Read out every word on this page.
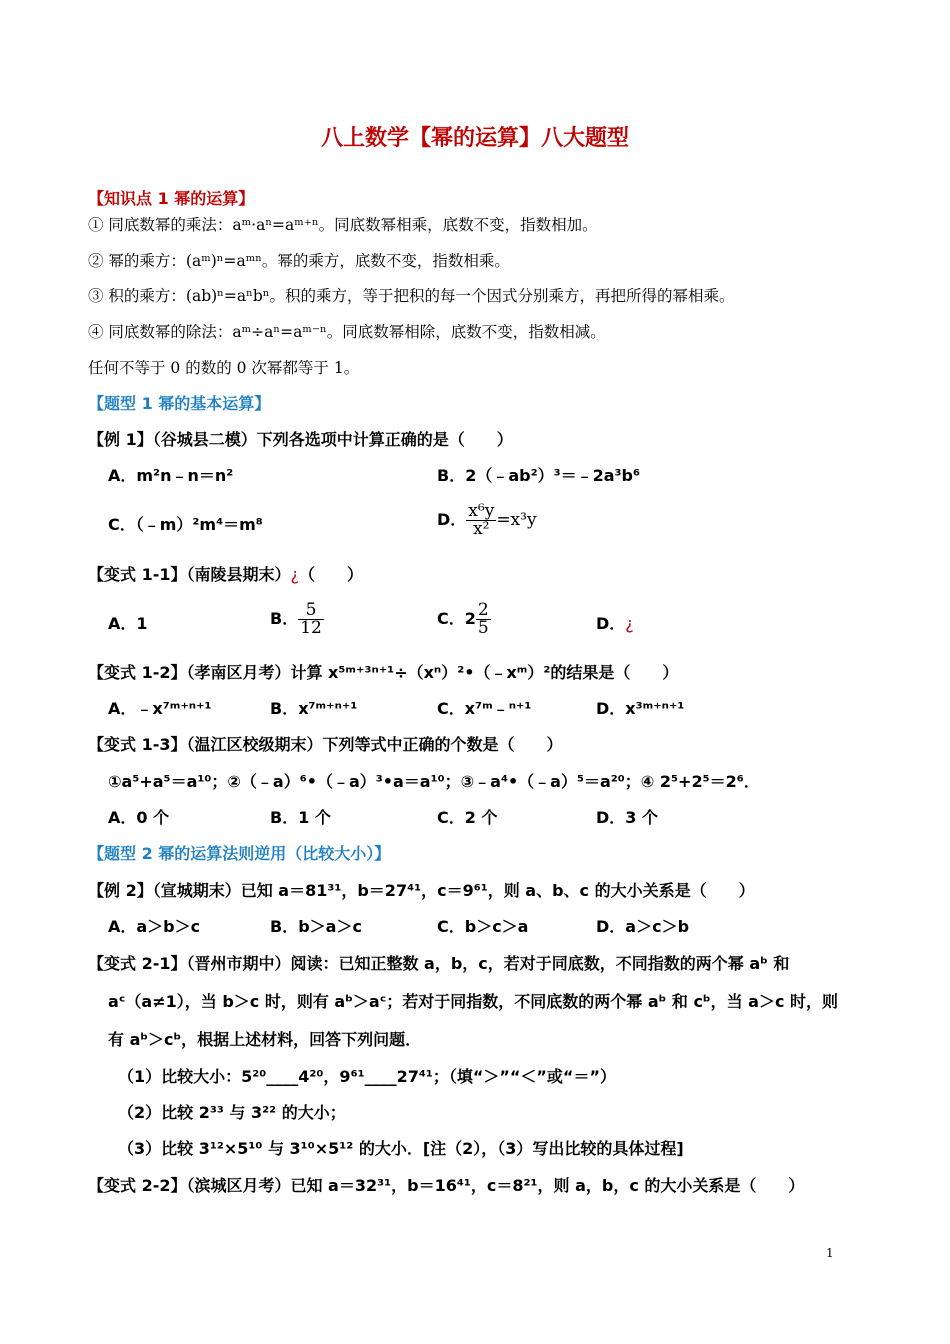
八上数学【幂的运算】八大题型
【知识点 1 幂的运算】
① 同底数幂的乘法：aᵐ·aⁿ=aᵐ⁺ⁿ。同底数幂相乘，底数不变，指数相加。
② 幂的乘方：(aᵐ)ⁿ=aᵐⁿ。幂的乘方，底数不变，指数相乘。
③ 积的乘方：(ab)ⁿ=aⁿbⁿ。积的乘方，等于把积的每一个因式分别乘方，再把所得的幂相乘。
④ 同底数幂的除法：aᵐ÷aⁿ=aᵐ⁻ⁿ。同底数幂相除，底数不变，指数相减。
任何不等于 0 的数的 0 次幂都等于 1。
【题型 1 幂的基本运算】
【例 1】（谷城县二模）下列各选项中计算正确的是（　　）
A．m²n﹣n＝n²	B．2（﹣ab²）³＝﹣2a³b⁶
C．（﹣m）²m⁴＝m⁸	D． $\frac{\text{x⁶y}}{\text{x²}} =x^3y$
【变式 1-1】（南陵县期末）¿（　　）
A．1	B． $\frac{5}{12}$	C．$2 \frac{2}{5}$	D．¿
【变式 1-2】（孝南区月考）计算 x⁵ᵐ⁺³ⁿ⁺¹÷（xⁿ）²•（﹣xᵐ）²的结果是（　　）
A．﹣x⁷ᵐ⁺ⁿ⁺¹	B．x⁷ᵐ⁺ⁿ⁺¹	C．x⁷ᵐ﹣ⁿ⁺¹	D．x³ᵐ⁺ⁿ⁺¹
【变式 1-3】（温江区校级期末）下列等式中正确的个数是（　　）
①a⁵+a⁵＝a¹⁰；②（﹣a）⁶•（﹣a）³•a＝a¹⁰；③﹣a⁴•（﹣a）⁵＝a²⁰；④ 2⁵+2⁵＝2⁶．
A．0 个	B．1 个	C．2 个	D．3 个
【题型 2 幂的运算法则逆用（比较大小）】
【例 2】（宣城期末）已知 a＝81³¹，b＝27⁴¹，c＝9⁶¹，则 a、b、c 的大小关系是（　　）
A．a＞b＞c	B．b＞a＞c	C．b＞c＞a	D．a＞c＞b
【变式 2-1】（晋州市期中）阅读：已知正整数 a，b，c，若对于同底数，不同指数的两个幂 aᵇ 和
aᶜ（a≠1），当 b＞c 时，则有 aᵇ＞aᶜ；若对于同指数，不同底数的两个幂 aᵇ 和 cᵇ，当 a＞c 时，则
有 aᵇ＞cᵇ，根据上述材料，回答下列问题．
（1）比较大小：5²⁰____4²⁰，9⁶¹____27⁴¹；（填“＞”“＜”或“＝”）
（2）比较 2³³ 与 3²² 的大小；
（3）比较 3¹²×5¹⁰ 与 3¹⁰×5¹² 的大小．[注（2），（3）写出比较的具体过程]
【变式 2-2】（滨城区月考）已知 a＝32³¹，b＝16⁴¹，c＝8²¹，则 a，b，c 的大小关系是（　　）
1
